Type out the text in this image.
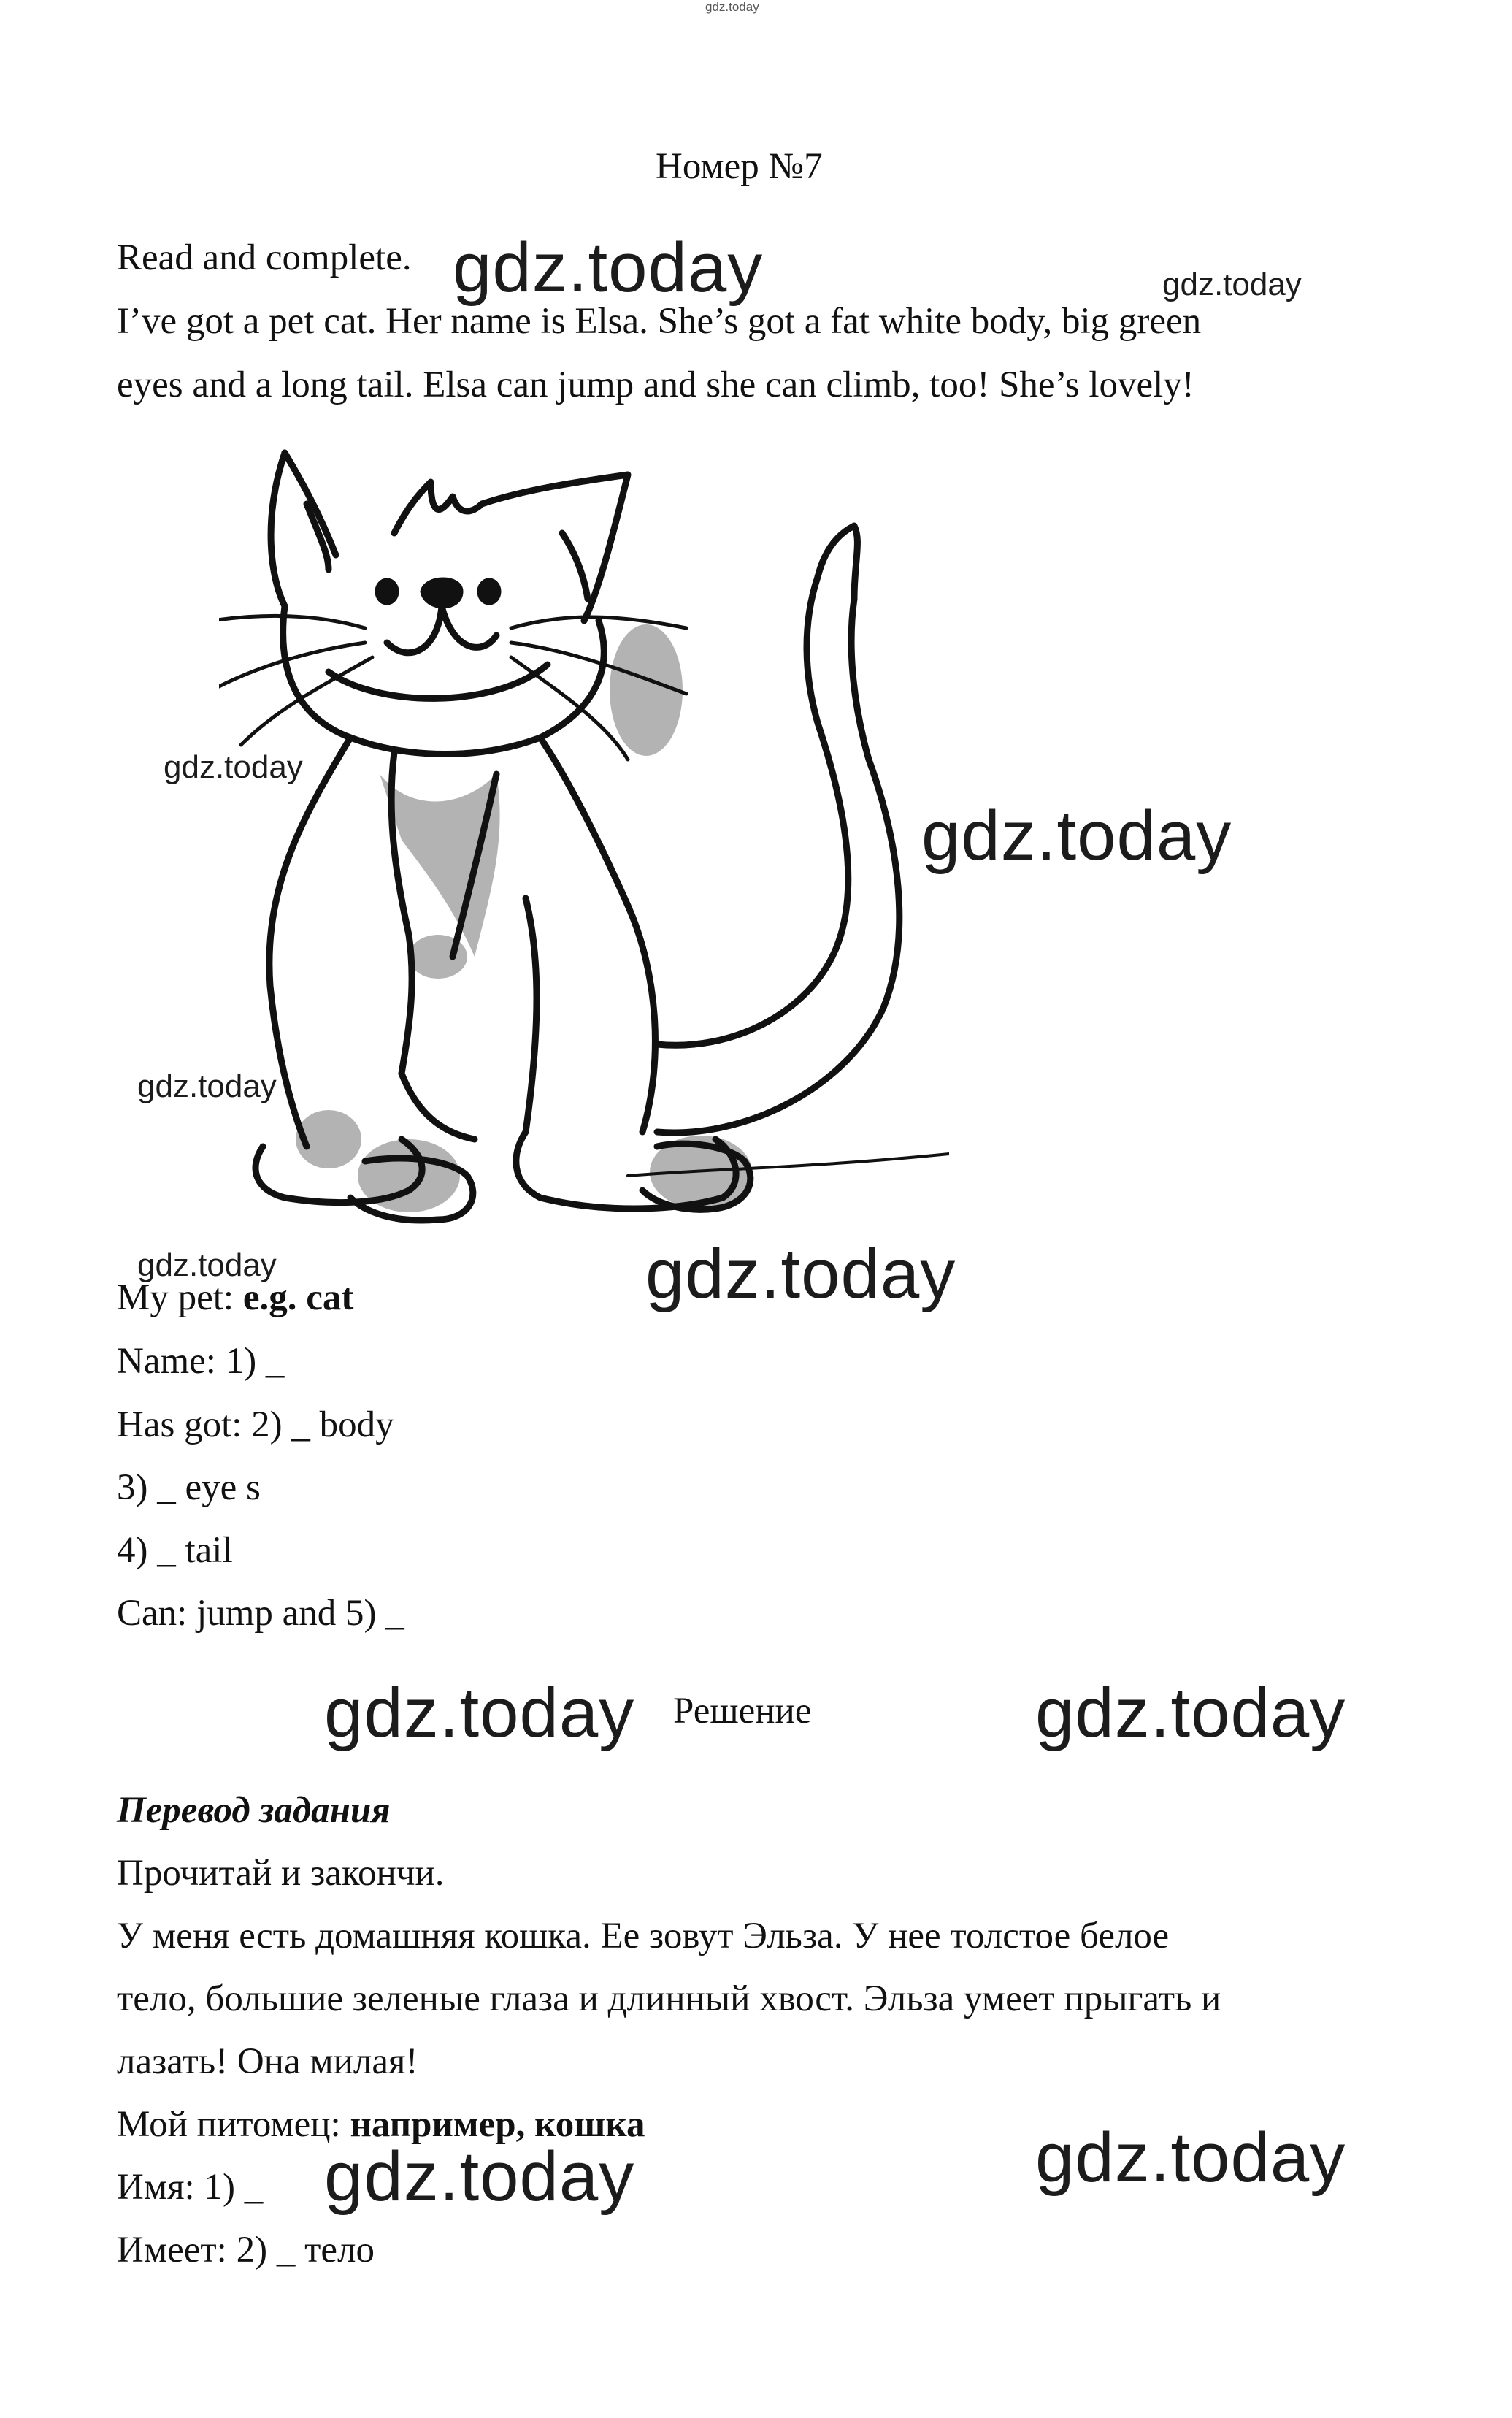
gdz.today
Номер №7
Read and complete.
I’ve got a pet cat. Her name is Elsa. She’s got a fat white body, big green
eyes and a long tail. Elsa can jump and she can climb, too! She’s lovely!
gdz.today	gdz.today
gdz.today
gdz.today
gdz.today
gdz.today	gdz.today
gdz.today	gdz.today
gdz.today
gdz.today
My pet: e.g. cat
Name: 1) _
Has got: 2) _ body
3) _ eye s
4) _ tail
Can: jump and 5) _
Решение
Перевод задания
Прочитай и закончи.
У меня есть домашняя кошка. Ее зовут Эльза. У нее толстое белое
тело, большие зеленые глаза и длинный хвост. Эльза умеет прыгать и
лазать! Она милая!
Мой питомец: например, кошка
Имя: 1) _
Имеет: 2) _ тело
